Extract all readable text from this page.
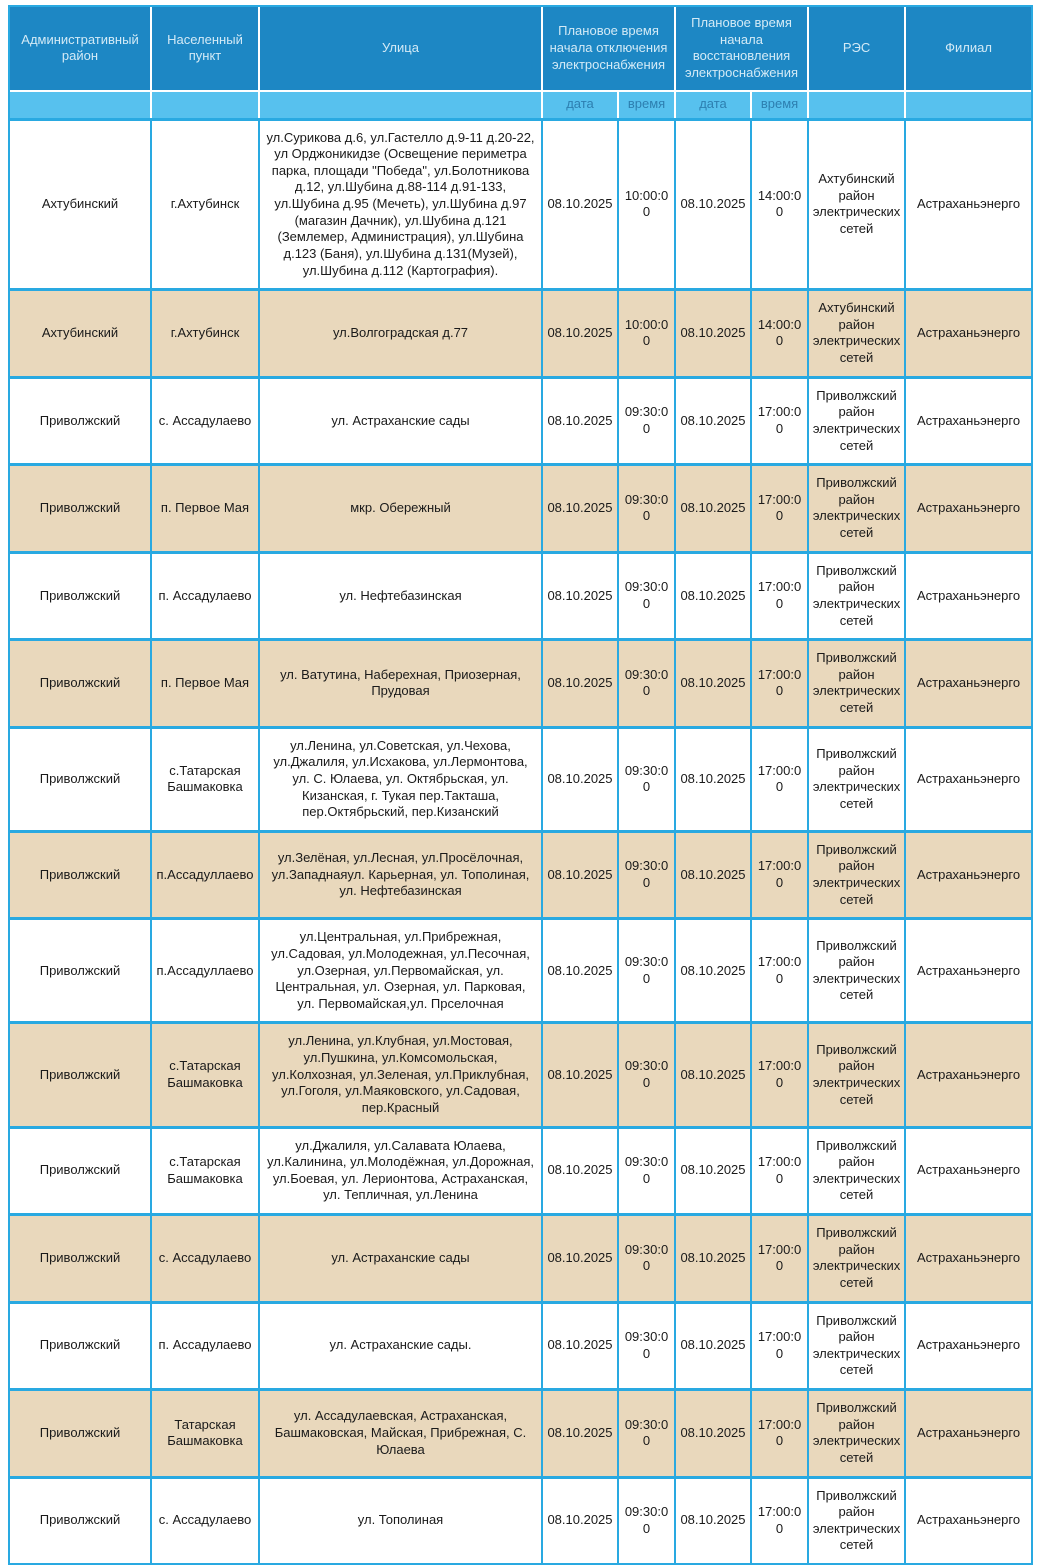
Административный район	Населенный пункт	Улица	Плановое время начала отключения электроснабжения		Плановое время начала восстановления электроснабжения		РЭС	Филиал
			дата	время	дата	время		
Ахтубинский	г.Ахтубинск	ул.Сурикова д.6, ул.Гастелло д.9-11 д.20-22, ул Орджоникидзе (Освещение периметра парка, площади "Победа", ул.Болотникова д.12, ул.Шубина д.88-114 д.91-133, ул.Шубина д.95 (Мечеть), ул.Шубина д.97 (магазин Дачник), ул.Шубина д.121 (Землемер, Администрация), ул.Шубина д.123 (Баня), ул.Шубина д.131(Музей), ул.Шубина д.112 (Картография).	08.10.2025	10:00:00	08.10.2025	14:00:00	Ахтубинский район электрических сетей	Астраханьэнерго
Ахтубинский	г.Ахтубинск	ул.Волгоградская д.77	08.10.2025	10:00:00	08.10.2025	14:00:00	Ахтубинский район электрических сетей	Астраханьэнерго
Приволжский	с. Ассадулаево	ул. Астраханские сады	08.10.2025	09:30:00	08.10.2025	17:00:00	Приволжский район электрических сетей	Астраханьэнерго
Приволжский	п. Первое Мая	мкр. Обережный	08.10.2025	09:30:00	08.10.2025	17:00:00	Приволжский район электрических сетей	Астраханьэнерго
Приволжский	п. Ассадулаево	ул. Нефтебазинская	08.10.2025	09:30:00	08.10.2025	17:00:00	Приволжский район электрических сетей	Астраханьэнерго
Приволжский	п. Первое Мая	ул. Ватутина, Наберехная, Приозерная, Прудовая	08.10.2025	09:30:00	08.10.2025	17:00:00	Приволжский район электрических сетей	Астраханьэнерго
Приволжский	с.Татарская Башмаковка	ул.Ленина, ул.Советская, ул.Чехова, ул.Джалиля, ул.Исхакова, ул.Лермонтова, ул. С. Юлаева, ул. Октябрьская, ул. Кизанская, г. Тукая пер.Такташа, пер.Октябрьский, пер.Кизанский	08.10.2025	09:30:00	08.10.2025	17:00:00	Приволжский район электрических сетей	Астраханьэнерго
Приволжский	п.Ассадуллаево	ул.Зелёная, ул.Лесная, ул.Просёлочная, ул.Западнаяул. Карьерная, ул. Тополиная, ул. Нефтебазинская	08.10.2025	09:30:00	08.10.2025	17:00:00	Приволжский район электрических сетей	Астраханьэнерго
Приволжский	п.Ассадуллаево	ул.Центральная, ул.Прибрежная, ул.Садовая, ул.Молодежная, ул.Песочная, ул.Озерная, ул.Первомайская, ул. Центральная, ул. Озерная, ул. Парковая, ул. Первомайская,ул. Прселочная	08.10.2025	09:30:00	08.10.2025	17:00:00	Приволжский район электрических сетей	Астраханьэнерго
Приволжский	с.Татарская Башмаковка	ул.Ленина, ул.Клубная, ул.Мостовая, ул.Пушкина, ул.Комсомольская, ул.Колхозная, ул.Зеленая, ул.Приклубная, ул.Гоголя, ул.Маяковского, ул.Садовая, пер.Красный	08.10.2025	09:30:00	08.10.2025	17:00:00	Приволжский район электрических сетей	Астраханьэнерго
Приволжский	с.Татарская Башмаковка	ул.Джалиля, ул.Салавата Юлаева, ул.Калинина, ул.Молодёжная, ул.Дорожная, ул.Боевая, ул. Лерионтова, Астраханская, ул. Тепличная, ул.Ленина	08.10.2025	09:30:00	08.10.2025	17:00:00	Приволжский район электрических сетей	Астраханьэнерго
Приволжский	с. Ассадулаево	ул. Астраханские сады	08.10.2025	09:30:00	08.10.2025	17:00:00	Приволжский район электрических сетей	Астраханьэнерго
Приволжский	п. Ассадулаево	ул. Астраханские сады.	08.10.2025	09:30:00	08.10.2025	17:00:00	Приволжский район электрических сетей	Астраханьэнерго
Приволжский	Татарская Башмаковка	ул. Ассадулаевская, Астраханская, Башмаковская, Майская, Прибрежная, С. Юлаева	08.10.2025	09:30:00	08.10.2025	17:00:00	Приволжский район электрических сетей	Астраханьэнерго
Приволжский	с. Ассадулаево	ул. Тополиная	08.10.2025	09:30:00	08.10.2025	17:00:00	Приволжский район электрических сетей	Астраханьэнерго
